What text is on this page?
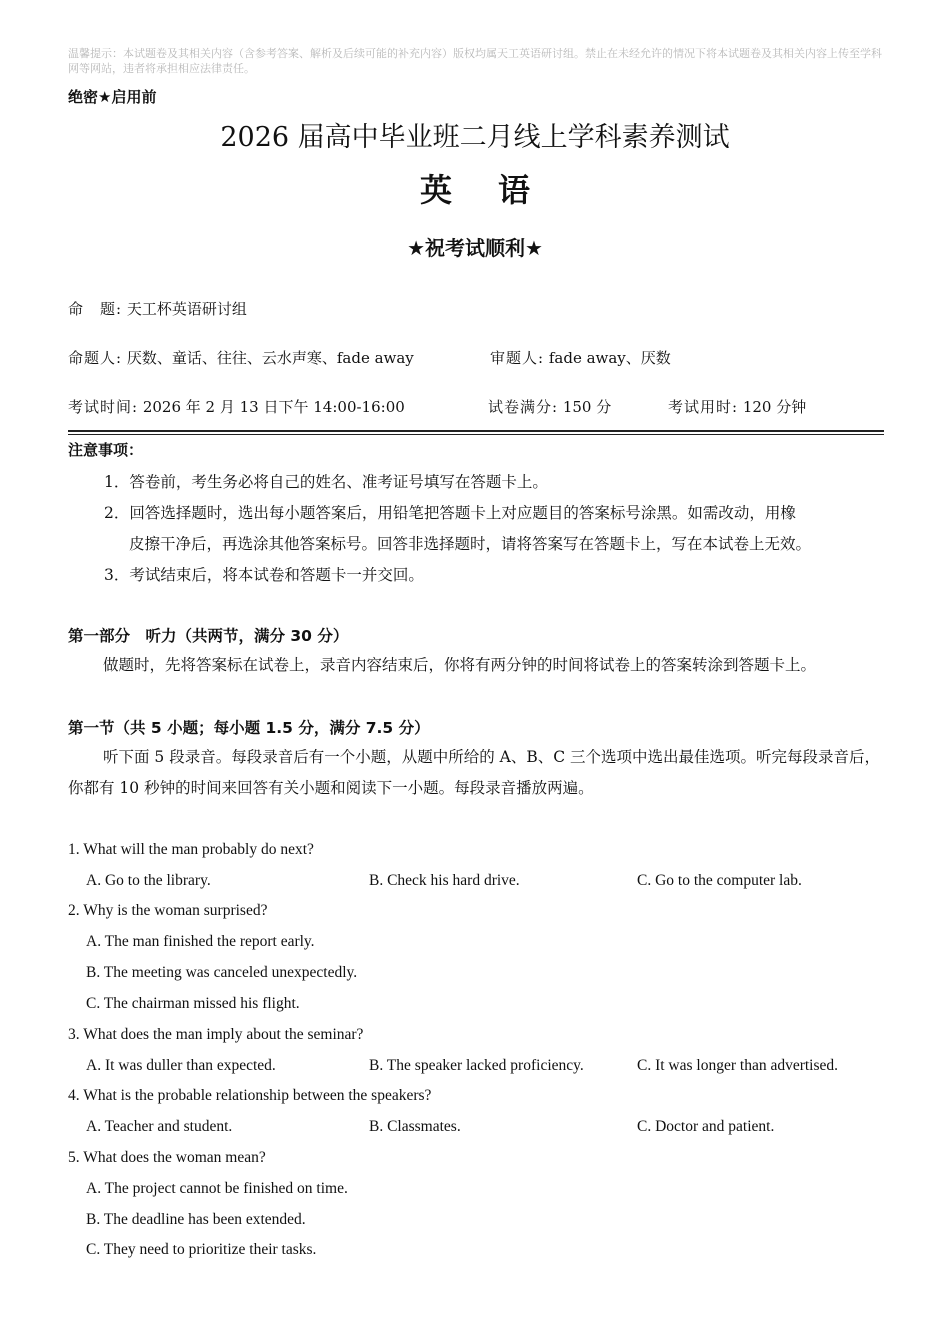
温馨提示：本试题卷及其相关内容（含参考答案、解析及后续可能的补充内容）版权均属天工英语研讨组。禁止在未经允许的情况下将本试题卷及其相关内容上传至学科网等网站，违者将承担相应法律责任。
绝密★启用前
2026 届高中毕业班二月线上学科素养测试
英语
★祝考试顺利★
命　题: 天工杯英语研讨组
命题人: 厌数、童话、往往、云水声寒、fade away	审题人: fade away、厌数
考试时间: 2026 年 2 月 13 日下午 14:00-16:00	试卷满分: 150 分	考试用时: 120 分钟
注意事项：
1．答卷前，考生务必将自己的姓名、准考证号填写在答题卡上。
2．回答选择题时，选出每小题答案后，用铅笔把答题卡上对应题目的答案标号涂黑。如需改动，用橡
皮擦干净后，再选涂其他答案标号。回答非选择题时，请将答案写在答题卡上，写在本试卷上无效。
3．考试结束后，将本试卷和答题卡一并交回。
第一部分　听力（共两节，满分 30 分）
做题时，先将答案标在试卷上，录音内容结束后，你将有两分钟的时间将试卷上的答案转涂到答题卡上。
第一节（共 5 小题；每小题 1.5 分，满分 7.5 分）
听下面 5 段录音。每段录音后有一个小题，从题中所给的 A、B、C 三个选项中选出最佳选项。听完每段录音后，你都有 10 秒钟的时间来回答有关小题和阅读下一小题。每段录音播放两遍。
1. What will the man probably do next?
A. Go to the library.	B. Check his hard drive.	C. Go to the computer lab.
2. Why is the woman surprised?
A. The man finished the report early.
B. The meeting was canceled unexpectedly.
C. The chairman missed his flight.
3. What does the man imply about the seminar?
A. It was duller than expected.	B. The speaker lacked proficiency.	C. It was longer than advertised.
4. What is the probable relationship between the speakers?
A. Teacher and student.	B. Classmates.	C. Doctor and patient.
5. What does the woman mean?
A. The project cannot be finished on time.
B. The deadline has been extended.
C. They need to prioritize their tasks.
